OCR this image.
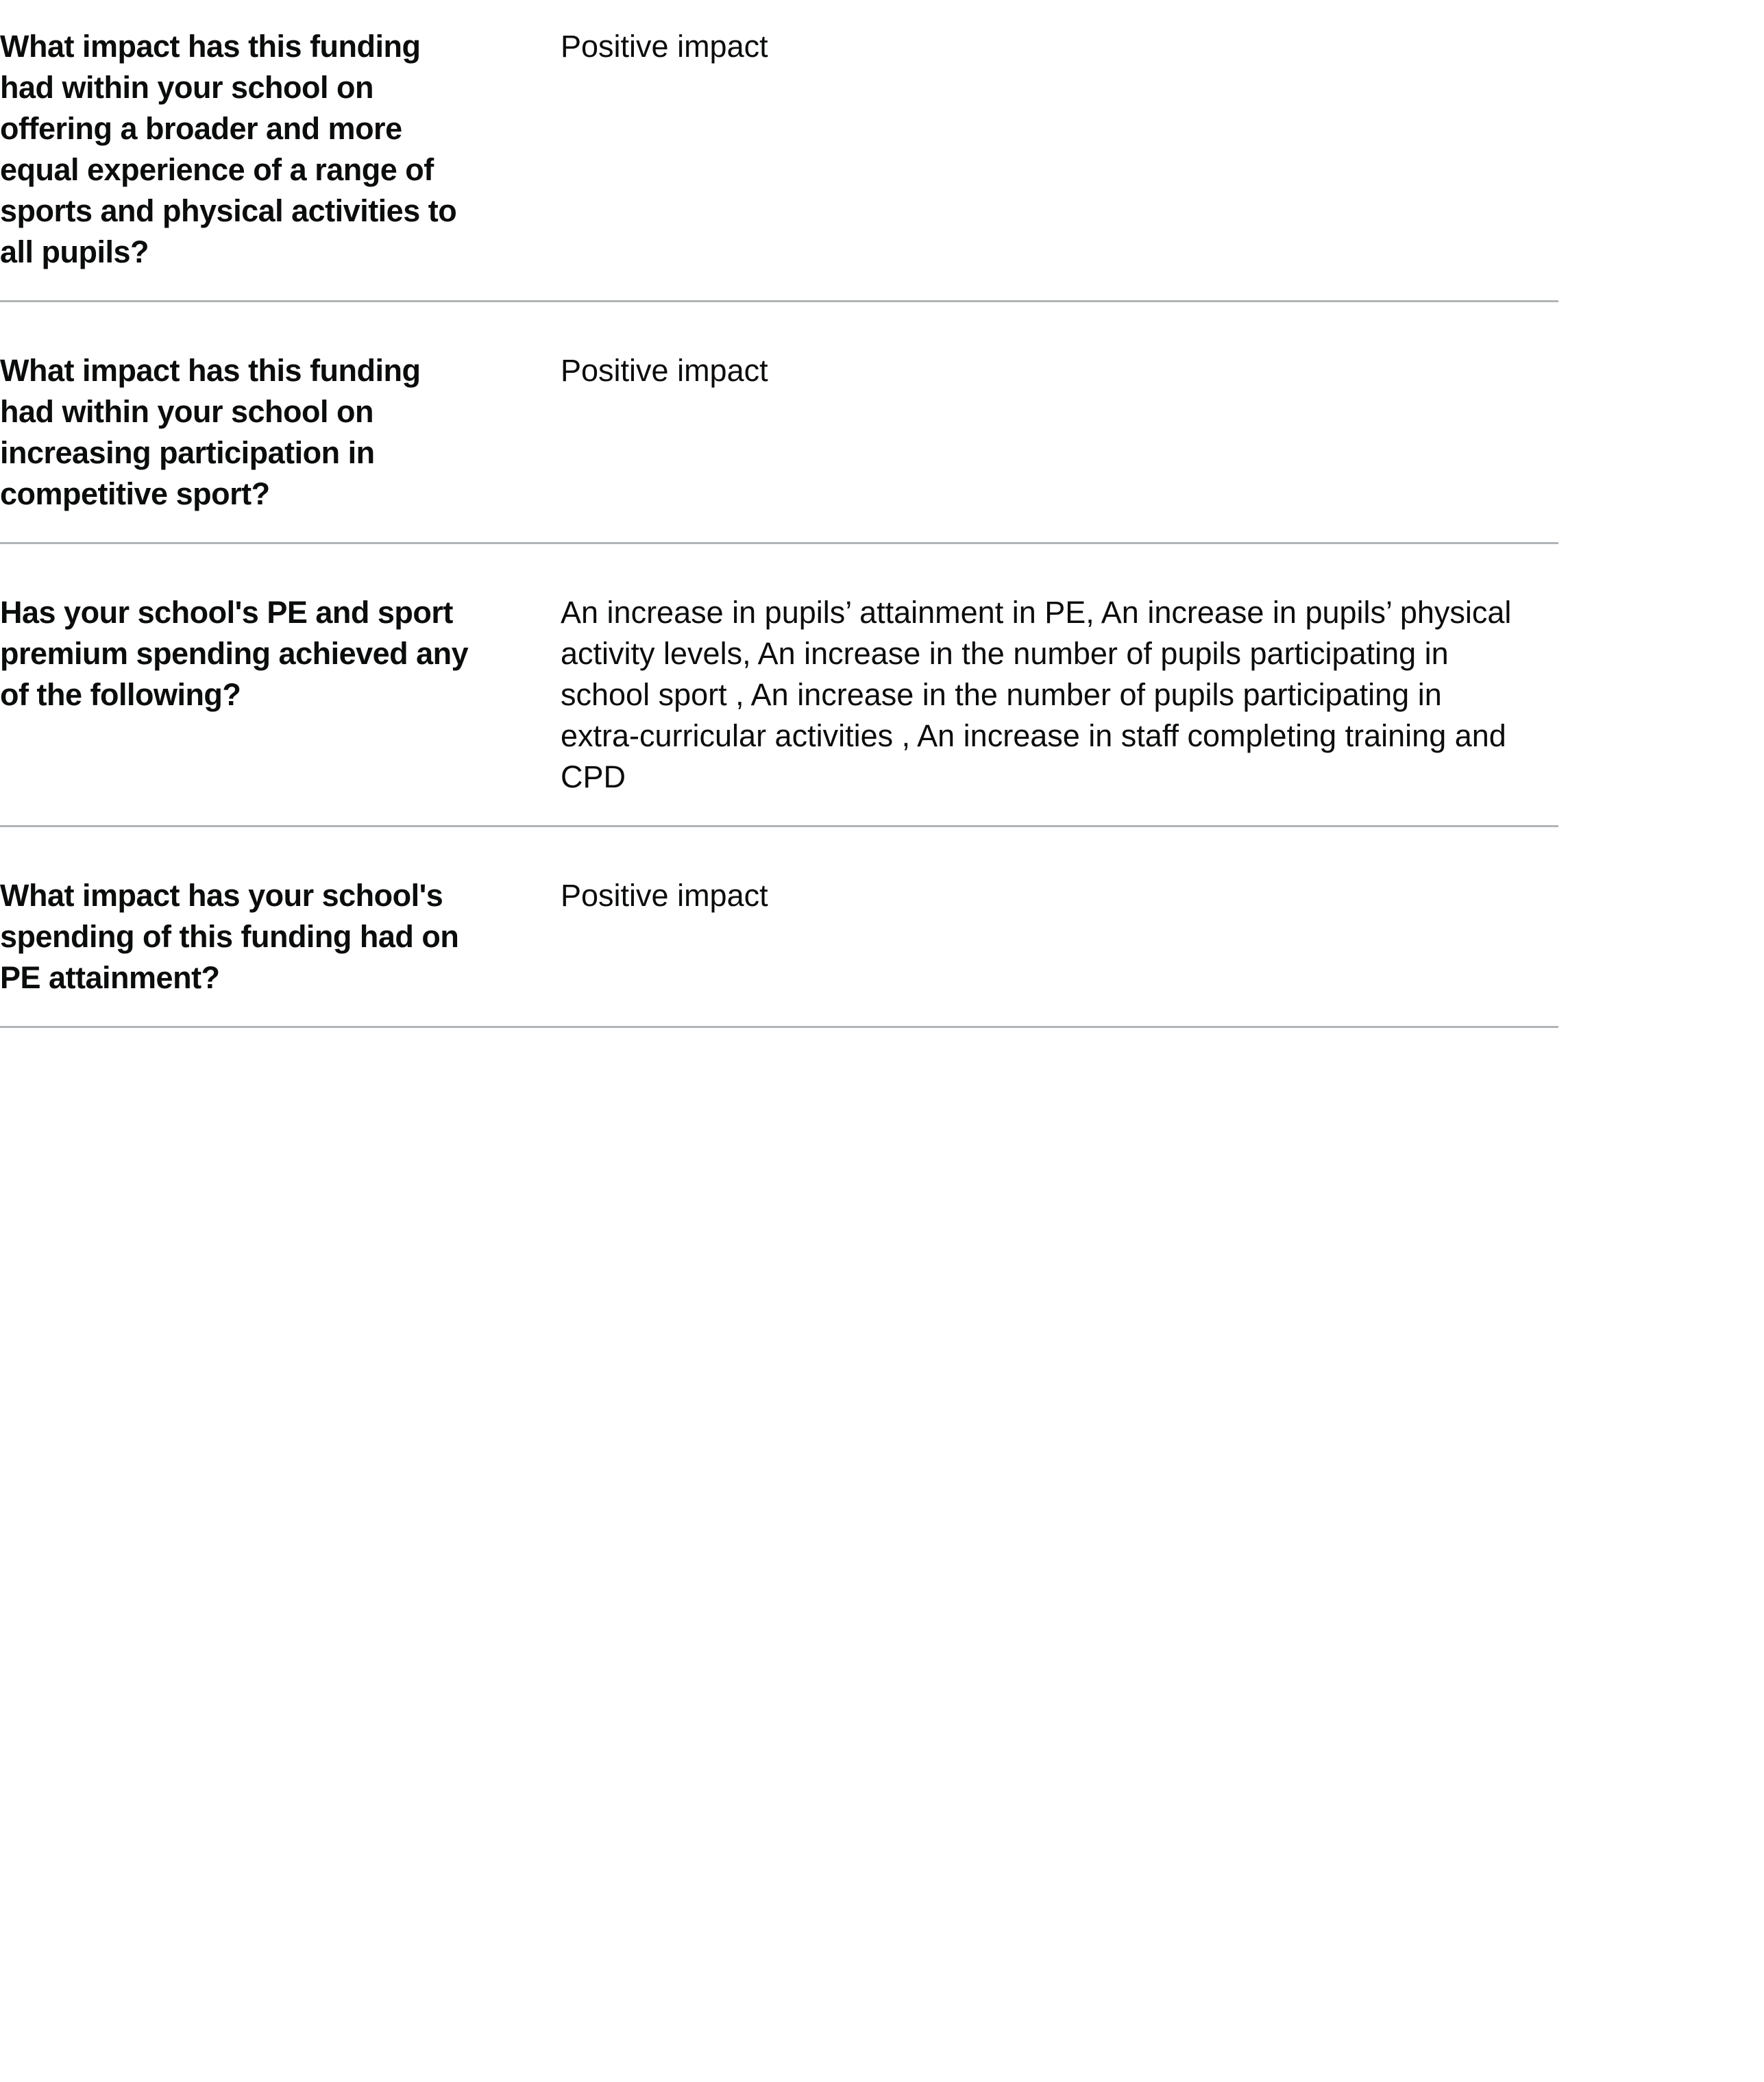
What impact has this funding had within your school on offering a broader and more equal experience of a range of sports and physical activities to all pupils?
Positive impact
What impact has this funding had within your school on increasing participation in competitive sport?
Positive impact
Has your school's PE and sport premium spending achieved any of the following?
An increase in pupils’ attainment in PE, An increase in pupils’ physical activity levels, An increase in the number of pupils participating in school sport , An increase in the number of pupils participating in extra-curricular activities , An increase in staff completing training and CPD
What impact has your school's spending of this funding had on PE attainment?
Positive impact
